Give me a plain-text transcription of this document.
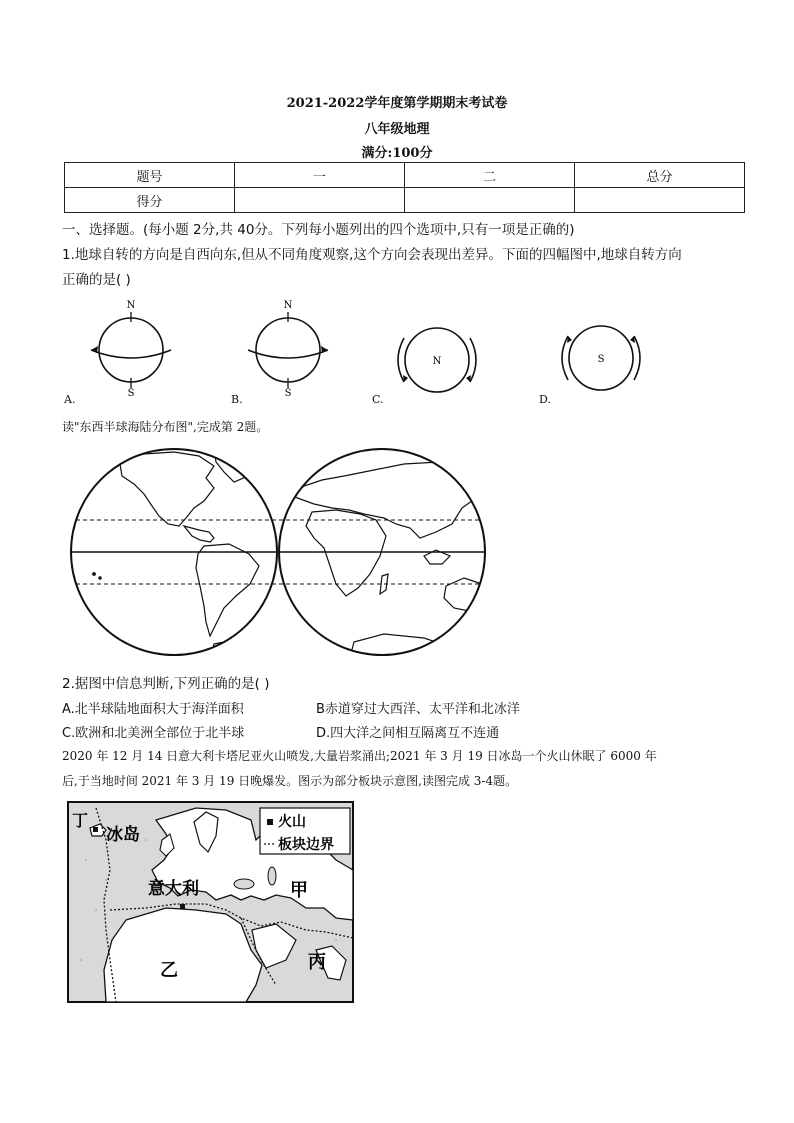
2021-2022学年度第学期期末考试卷
八年级地理
满分:100分
题号	一	二	总分
得分			
一、选择题。(每小题 2分,共 40分。下列每小题列出的四个选项中,只有一项是正确的)
1.地球自转的方向是自西向东,但从不同角度观察,这个方向会表现出差异。下面的四幅图中,地球自转方向
正确的是( )
N
S
N
S
N	S
A.	B.	C.	D.
读"东西半球海陆分布图",完成第 2题。
2.据图中信息判断,下列正确的是( )
A.北半球陆地面积大于海洋面积	B赤道穿过大西洋、太平洋和北冰洋
C.欧洲和北美洲全部位于北半球	D.四大洋之间相互隔离互不连通
2020 年 12 月 14 日意大利卡塔尼亚火山喷发,大量岩浆涌出;2021 年 3 月 19 日冰岛一个火山休眠了 6000 年
后,于当地时间 2021 年 3 月 19 日晚爆发。图示为部分板块示意图,读图完成 3-4题。
火山
板块边界
丁
冰岛
意大利	甲
乙	丙
